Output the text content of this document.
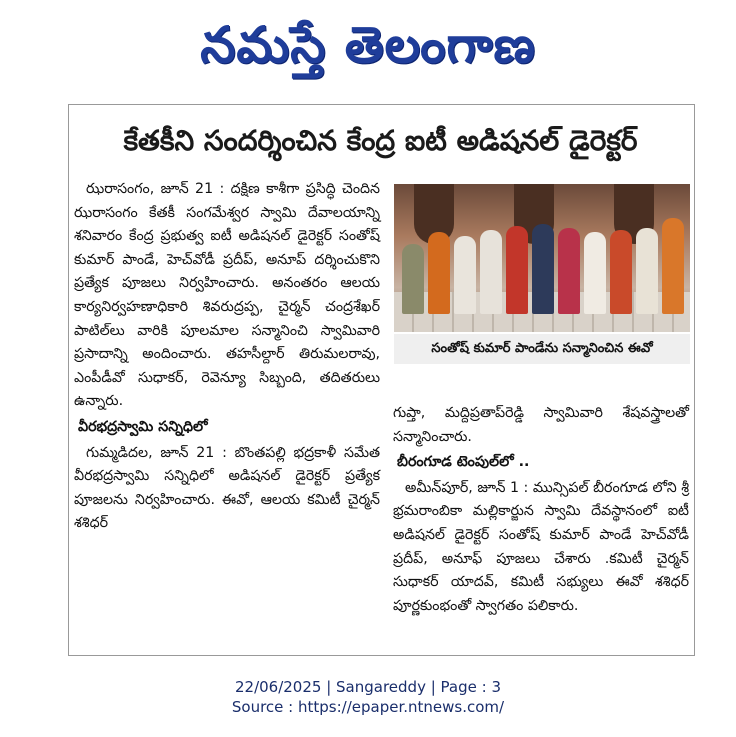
నమస్తే తెలంగాణ
కేతకీని సందర్శించిన కేంద్ర ఐటీ అడిషనల్ డైరెక్టర్

ఝరాసంగం, జూన్ 21 : దక్షిణ కాశీగా ప్రసిద్ధి చెందిన ఝరాసంగం కేతకీ సంగమేశ్వర స్వామి దేవాలయాన్ని శనివారం కేంద్ర ప్రభుత్వ ఐటీ అడిషనల్ డైరెక్టర్ సంతోష్ కుమార్ పాండే, హెచ్‌వోడీ ప్రదీప్, అనూప్ దర్శించుకొని ప్రత్యేక పూజలు నిర్వహించారు. అనంతరం ఆలయ కార్యనిర్వహణాధికారి శివరుద్రప్ప, చైర్మన్ చంద్రశేఖర్ పాటిల్‌లు వారికి పూలమాల సన్మానించి స్వామివారి ప్రసాదాన్ని అందించారు. తహసీల్దార్ తిరుమలరావు, ఎంపీడీవో సుధాకర్, రెవెన్యూ సిబ్బంది, తదితరులు ఉన్నారు.

వీరభద్రస్వామి సన్నిధిలో

గుమ్మడిదల, జూన్ 21 : బొంతపల్లి భద్రకాళీ సమేత వీరభద్రస్వామి సన్నిధిలో అడిషనల్ డైరెక్టర్ ప్రత్యేక పూజలను నిర్వహించారు. ఈవో, ఆలయ కమిటీ చైర్మన్ శశిధర్

సంతోష్ కుమార్ పాండేను సన్మానించిన ఈవో

గుప్తా, మద్దిప్రతాప్‌రెడ్డి స్వామివారి శేషవస్త్రాలతో సన్మానించారు.

బీరంగూడ టెంపుల్‌లో ..

అమీన్‌పూర్, జూన్ 1 : మున్సిపల్ బీరంగూడ లోని శ్రీ భ్రమరాంబికా మల్లికార్జున స్వామి దేవస్థానంలో ఐటీ అడిషనల్ డైరెక్టర్ సంతోష్ కుమార్ పాండే హెచ్‌వోడీ ప్రదీప్, అనూఫ్ పూజలు చేశారు .కమిటీ చైర్మన్ సుధాకర్ యాదవ్, కమిటీ సభ్యులు ఈవో శశిధర్ పూర్ణకుంభంతో స్వాగతం పలికారు.

22/06/2025 | Sangareddy | Page : 3
Source : https://epaper.ntnews.com/
